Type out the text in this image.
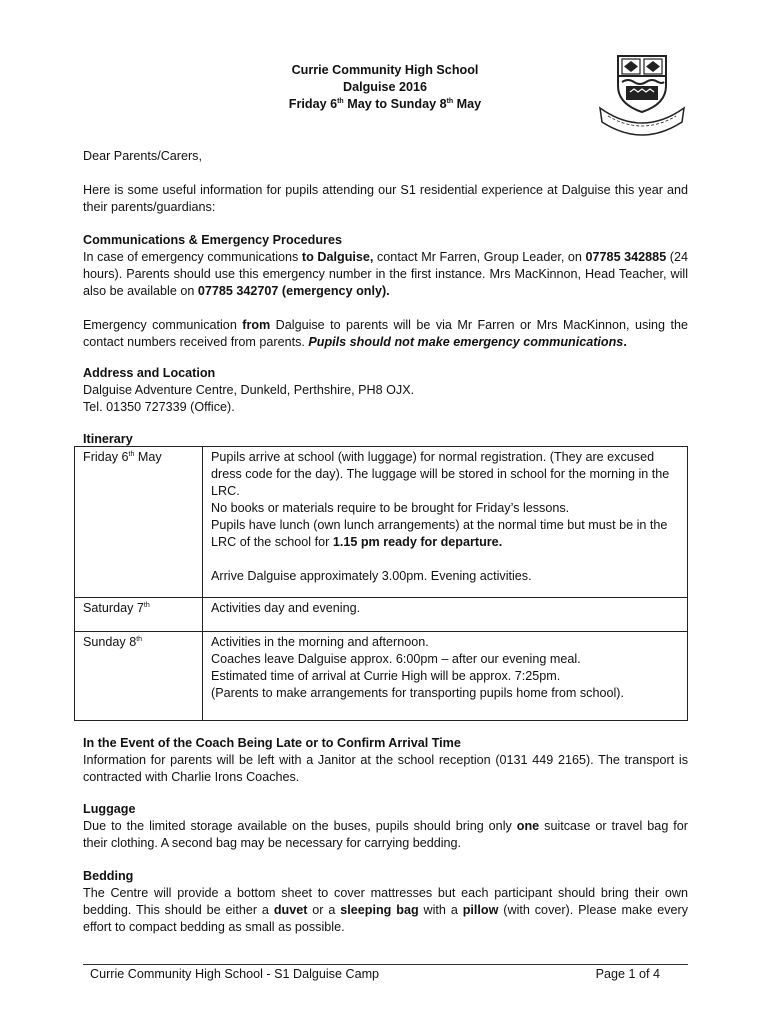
Currie Community High School
Dalguise 2016
Friday 6th May to Sunday 8th May
Dear Parents/Carers,
Here is some useful information for pupils attending our S1 residential experience at Dalguise this year and their parents/guardians:
Communications & Emergency Procedures
In case of emergency communications to Dalguise, contact Mr Farren, Group Leader, on 07785 342885 (24 hours). Parents should use this emergency number in the first instance. Mrs MacKinnon, Head Teacher, will also be available on 07785 342707 (emergency only).
Emergency communication from Dalguise to parents will be via Mr Farren or Mrs MacKinnon, using the contact numbers received from parents. Pupils should not make emergency communications.
Address and Location
Dalguise Adventure Centre, Dunkeld, Perthshire, PH8 OJX.
Tel. 01350 727339 (Office).
Itinerary
Friday 6th May	Pupils arrive at school (with luggage) for normal registration. (They are excused dress code for the day). The luggage will be stored in school for the morning in the LRC.
No books or materials require to be brought for Friday’s lessons.
Pupils have lunch (own lunch arrangements) at the normal time but must be in the LRC of the school for 1.15 pm ready for departure.
Arrive Dalguise approximately 3.00pm. Evening activities.

Saturday 7th	Activities day and evening.

Sunday 8th	Activities in the morning and afternoon.
Coaches leave Dalguise approx. 6:00pm – after our evening meal.
Estimated time of arrival at Currie High will be approx. 7:25pm.
(Parents to make arrangements for transporting pupils home from school).
In the Event of the Coach Being Late or to Confirm Arrival Time
Information for parents will be left with a Janitor at the school reception (0131 449 2165). The transport is contracted with Charlie Irons Coaches.
Luggage
Due to the limited storage available on the buses, pupils should bring only one suitcase or travel bag for their clothing. A second bag may be necessary for carrying bedding.
Bedding
The Centre will provide a bottom sheet to cover mattresses but each participant should bring their own bedding. This should be either a duvet or a sleeping bag with a pillow (with cover). Please make every effort to compact bedding as small as possible.
Currie Community High School - S1 Dalguise Camp	Page 1 of 4
